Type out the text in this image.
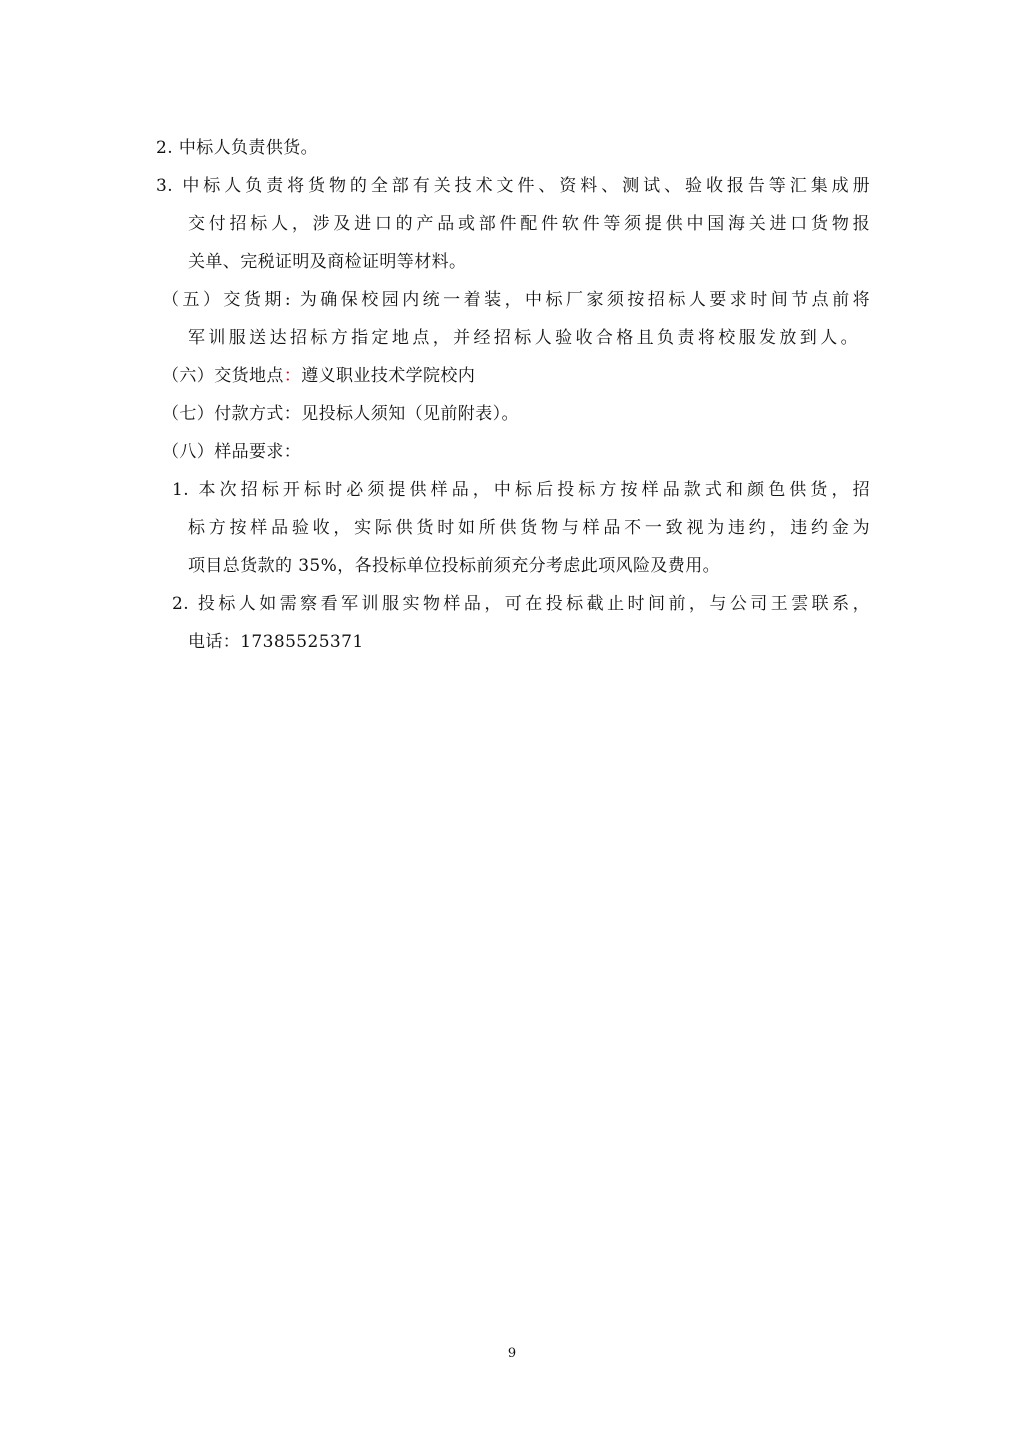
2. 中标人负责供货。
3. 中标人负责将货物的全部有关技术文件、资料、测试、验收报告等汇集成册
交付招标人，涉及进口的产品或部件配件软件等须提供中国海关进口货物报
关单、完税证明及商检证明等材料。
（五）交货期: 为确保校园内统一着装，中标厂家须按招标人要求时间节点前将
军训服送达招标方指定地点，并经招标人验收合格且负责将校服发放到人。
（六）交货地点：遵义职业技术学院校内
（七）付款方式：见投标人须知（见前附表）。
（八）样品要求：
1. 本次招标开标时必须提供样品，中标后投标方按样品款式和颜色供货，招
标方按样品验收，实际供货时如所供货物与样品不一致视为违约，违约金为
项目总货款的 35%，各投标单位投标前须充分考虑此项风险及费用。
2. 投标人如需察看军训服实物样品，可在投标截止时间前，与公司王雲联系，
电话：17385525371
9
